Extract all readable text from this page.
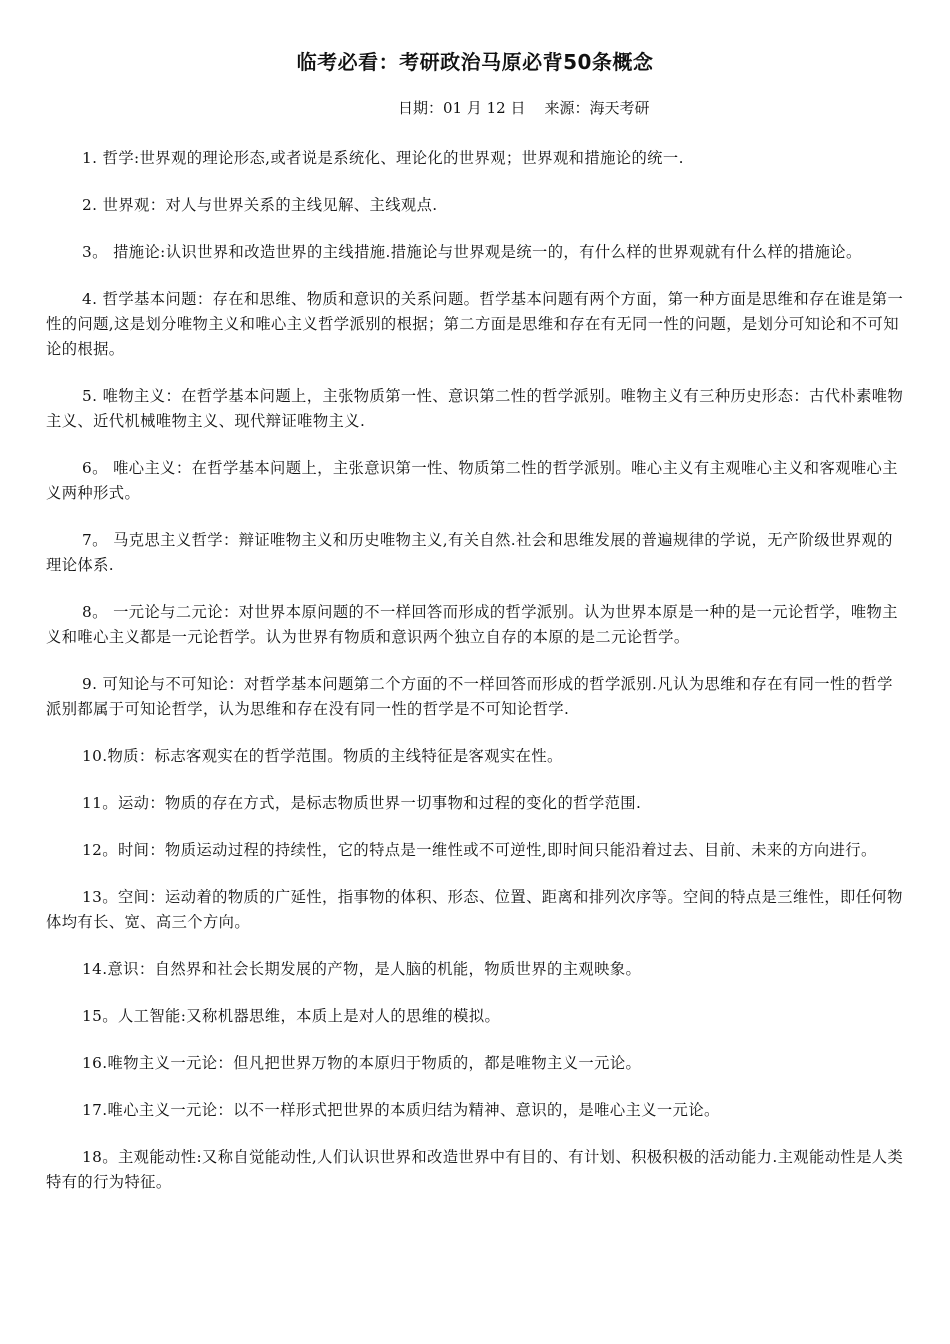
临考必看：考研政治马原必背50条概念
日期：01 月 12 日    来源：海天考研

1. 哲学:世界观的理论形态,或者说是系统化、理论化的世界观；世界观和措施论的统一.

2. 世界观：对人与世界关系的主线见解、主线观点.

3。 措施论:认识世界和改造世界的主线措施.措施论与世界观是统一的，有什么样的世界观就有什么样的措施论。

4. 哲学基本问题：存在和思维、物质和意识的关系问题。哲学基本问题有两个方面，第一种方面是思维和存在谁是第一性的问题,这是划分唯物主义和唯心主义哲学派别的根据；第二方面是思维和存在有无同一性的问题，是划分可知论和不可知论的根据。

5. 唯物主义：在哲学基本问题上，主张物质第一性、意识第二性的哲学派别。唯物主义有三种历史形态：古代朴素唯物主义、近代机械唯物主义、现代辩证唯物主义.

6。 唯心主义：在哲学基本问题上，主张意识第一性、物质第二性的哲学派别。唯心主义有主观唯心主义和客观唯心主义两种形式。

7。 马克思主义哲学：辩证唯物主义和历史唯物主义,有关自然.社会和思维发展的普遍规律的学说，无产阶级世界观的理论体系.

8。 一元论与二元论：对世界本原问题的不一样回答而形成的哲学派别。认为世界本原是一种的是一元论哲学，唯物主义和唯心主义都是一元论哲学。认为世界有物质和意识两个独立自存的本原的是二元论哲学。

9. 可知论与不可知论：对哲学基本问题第二个方面的不一样回答而形成的哲学派别.凡认为思维和存在有同一性的哲学派别都属于可知论哲学，认为思维和存在没有同一性的哲学是不可知论哲学.

10.物质：标志客观实在的哲学范围。物质的主线特征是客观实在性。

11。运动：物质的存在方式，是标志物质世界一切事物和过程的变化的哲学范围.

12。时间：物质运动过程的持续性，它的特点是一维性或不可逆性,即时间只能沿着过去、目前、未来的方向进行。

13。空间：运动着的物质的广延性，指事物的体积、形态、位置、距离和排列次序等。空间的特点是三维性，即任何物体均有长、宽、高三个方向。

14.意识：自然界和社会长期发展的产物，是人脑的机能，物质世界的主观映象。

15。人工智能:又称机器思维，本质上是对人的思维的模拟。

16.唯物主义一元论：但凡把世界万物的本原归于物质的，都是唯物主义一元论。

17.唯心主义一元论：以不一样形式把世界的本质归结为精神、意识的，是唯心主义一元论。

18。主观能动性:又称自觉能动性,人们认识世界和改造世界中有目的、有计划、积极积极的活动能力.主观能动性是人类特有的行为特征。
